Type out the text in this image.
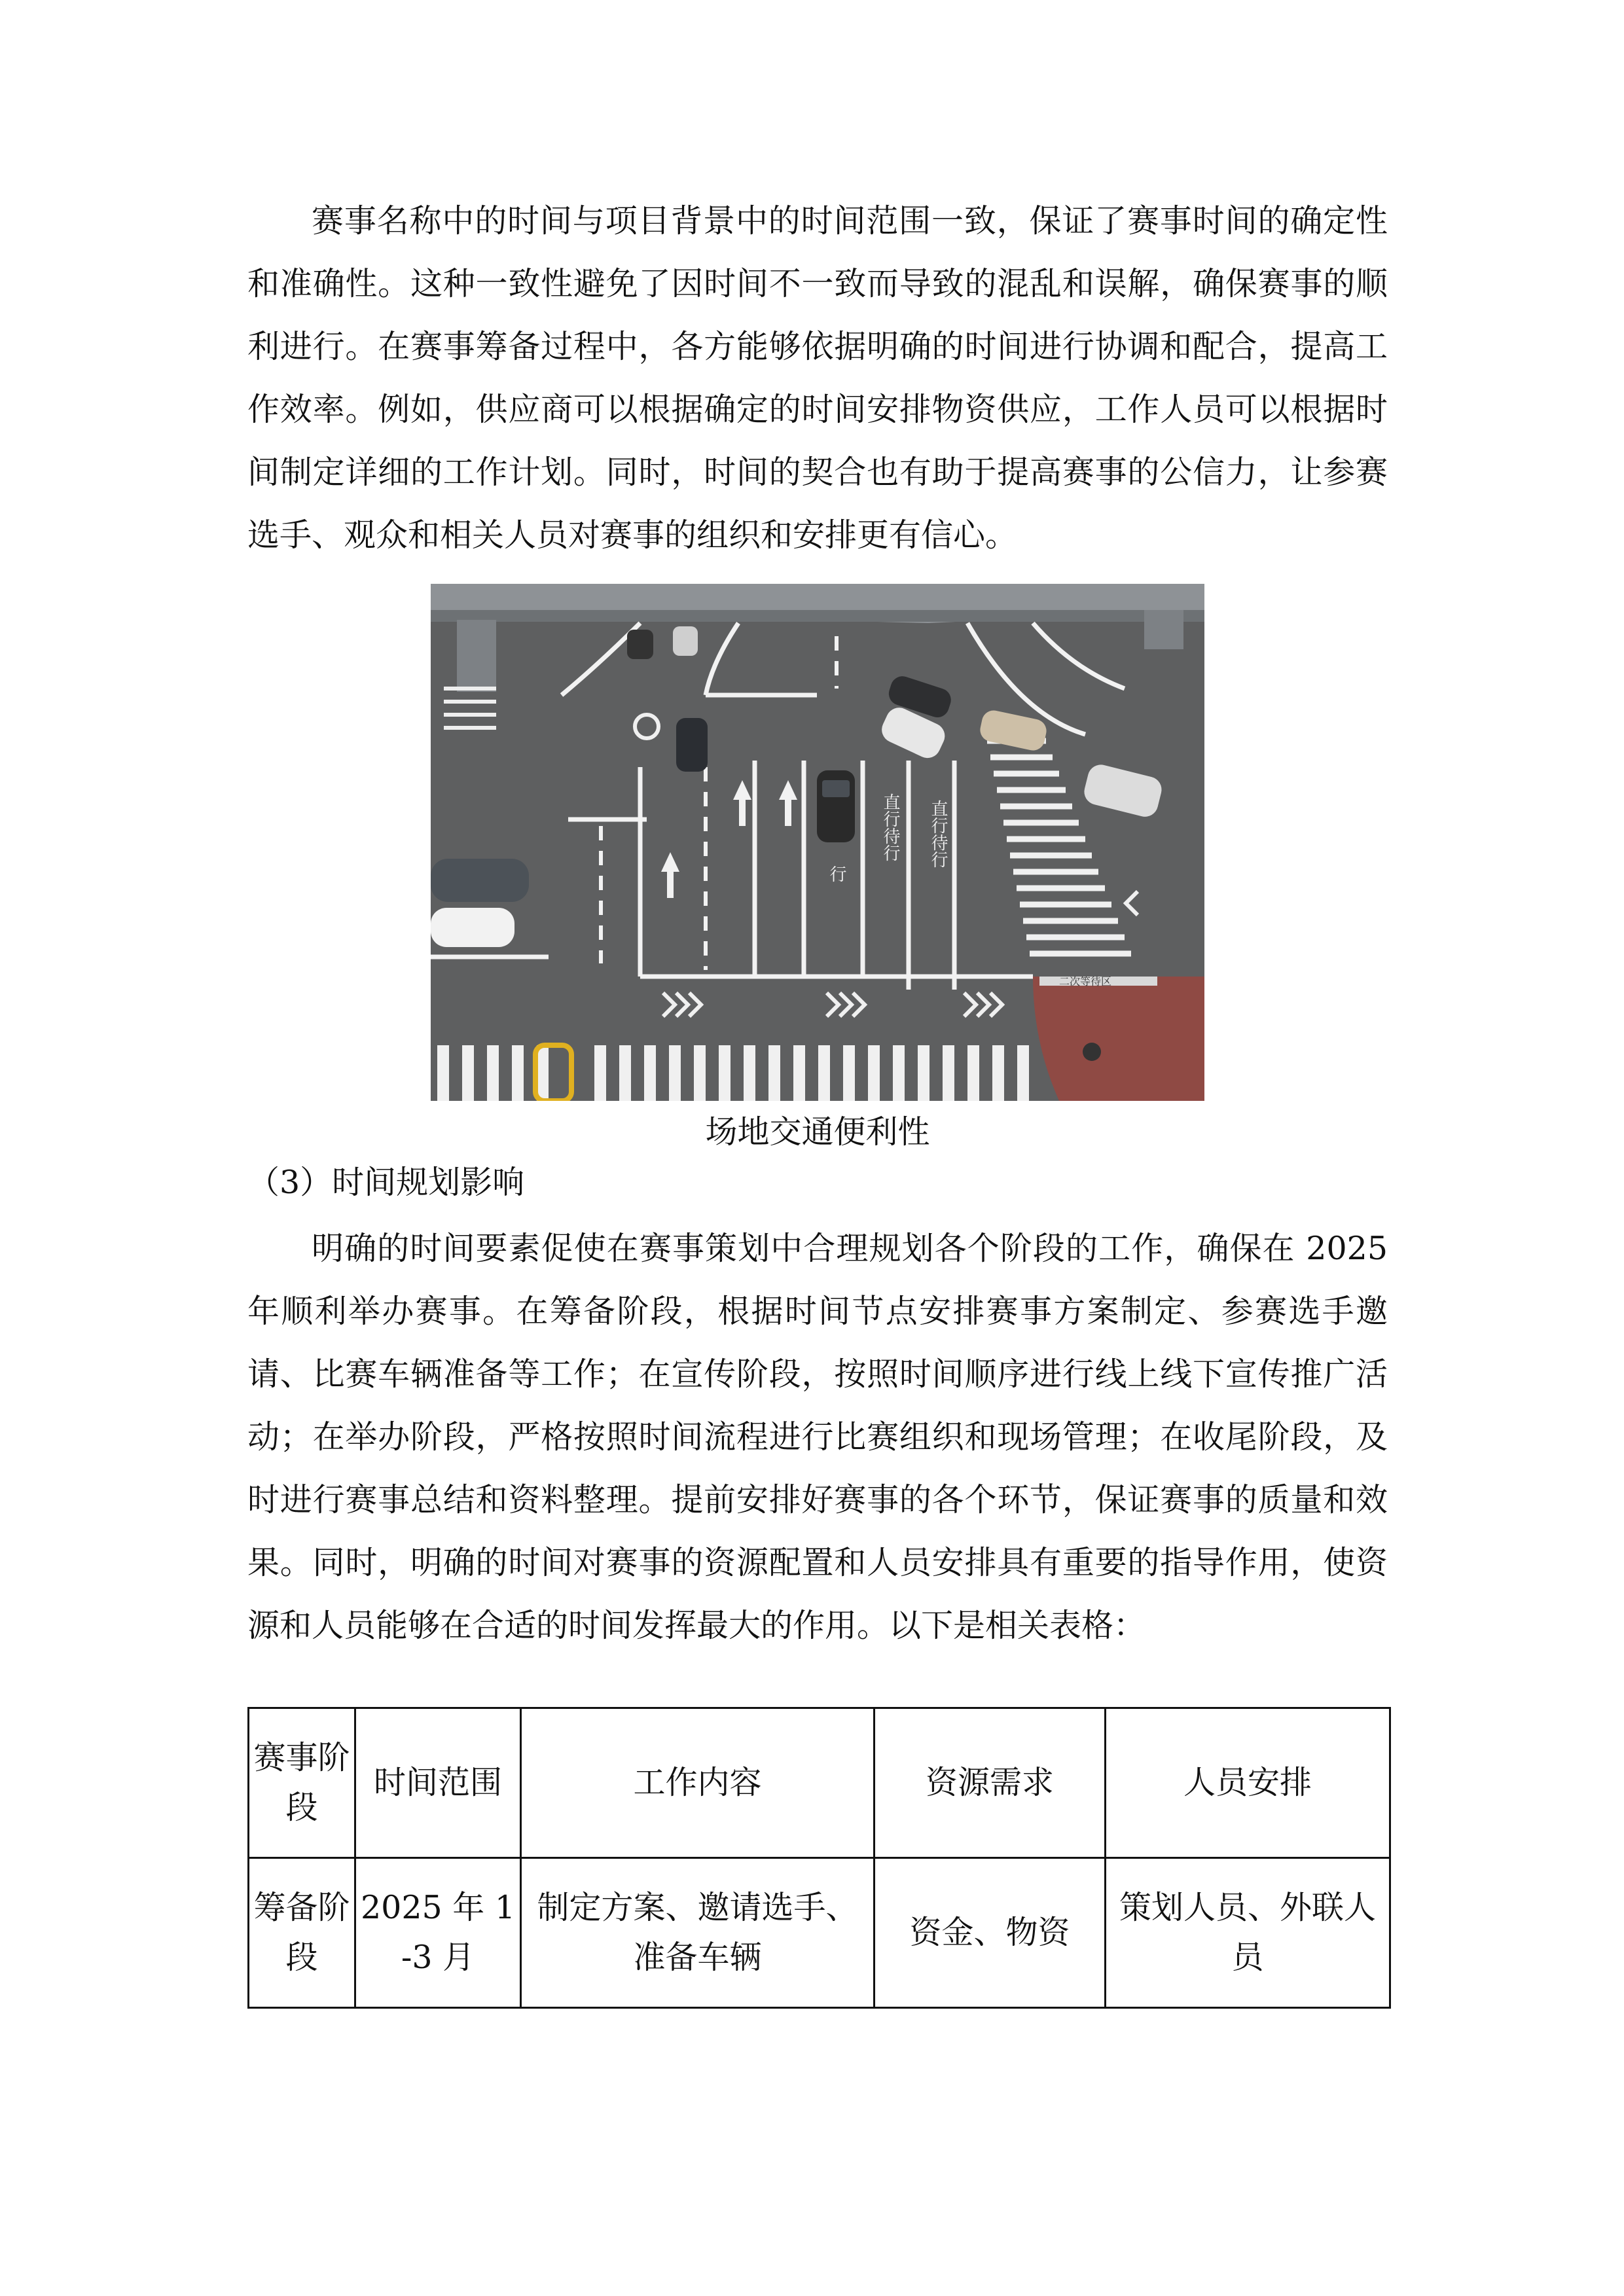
赛事名称中的时间与项目背景中的时间范围一致，保证了赛事时间的确定性和准确性。这种一致性避免了因时间不一致而导致的混乱和误解，确保赛事的顺利进行。在赛事筹备过程中，各方能够依据明确的时间进行协调和配合，提高工作效率。例如，供应商可以根据确定的时间安排物资供应，工作人员可以根据时间制定详细的工作计划。同时，时间的契合也有助于提高赛事的公信力，让参赛选手、观众和相关人员对赛事的组织和安排更有信心。

二次等待区
直行待行 直行待行
行

场地交通便利性

（3）时间规划影响

明确的时间要素促使在赛事策划中合理规划各个阶段的工作，确保在 2025 年顺利举办赛事。在筹备阶段，根据时间节点安排赛事方案制定、参赛选手邀请、比赛车辆准备等工作；在宣传阶段，按照时间顺序进行线上线下宣传推广活动；在举办阶段，严格按照时间流程进行比赛组织和现场管理；在收尾阶段，及时进行赛事总结和资料整理。提前安排好赛事的各个环节，保证赛事的质量和效果。同时，明确的时间对赛事的资源配置和人员安排具有重要的指导作用，使资源和人员能够在合适的时间发挥最大的作用。以下是相关表格：

赛事阶段	时间范围	工作内容	资源需求	人员安排
筹备阶段	2025 年 1-3 月	制定方案、邀请选手、准备车辆	资金、物资	策划人员、外联人员
